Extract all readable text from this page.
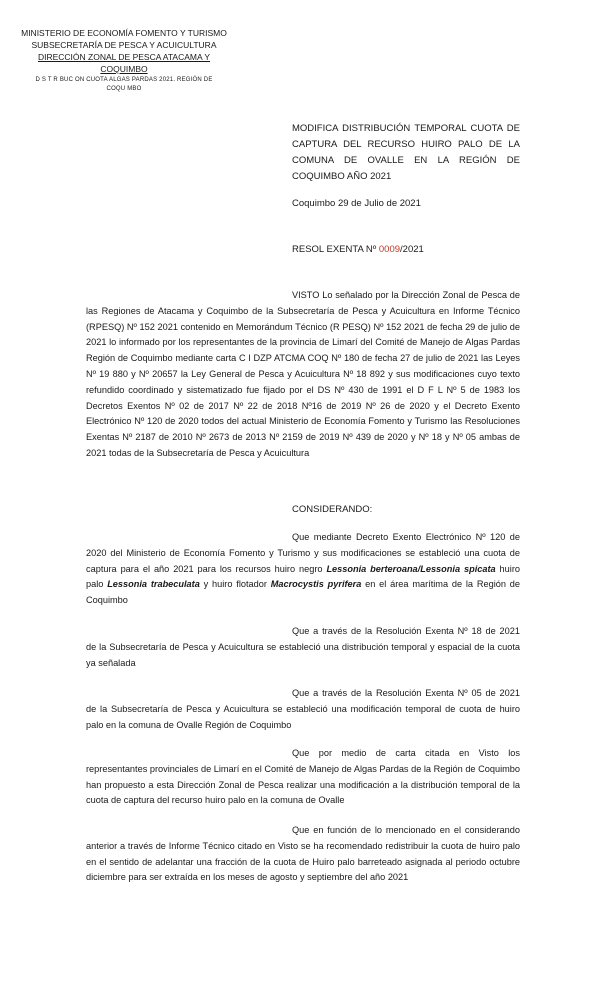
MINISTERIO DE ECONOMÍA FOMENTO Y TURISMO
SUBSECRETARÍA DE PESCA Y ACUICULTURA
DIRECCIÓN ZONAL DE PESCA ATACAMA Y
COQUIMBO
D S T R BUC ON CUOTA ALGAS PARDAS 2021. REGIÓN DE
COQU MBO
MODIFICA DISTRIBUCIÓN TEMPORAL CUOTA DE CAPTURA DEL RECURSO HUIRO PALO DE LA COMUNA DE OVALLE EN LA REGIÓN DE COQUIMBO AÑO 2021
Coquimbo 29 de Julio de 2021
RESOL EXENTA Nº 0009/2021
VISTO Lo señalado por la Dirección Zonal de Pesca de las Regiones de Atacama y Coquimbo de la Subsecretaría de Pesca y Acuicultura en Informe Técnico (RPESQ) Nº 152 2021 contenido en Memorándum Técnico (R PESQ) Nº 152 2021 de fecha 29 de julio de 2021 lo informado por los representantes de la provincia de Limarí del Comité de Manejo de Algas Pardas Región de Coquimbo mediante carta C I DZP ATCMA COQ Nº 180 de fecha 27 de julio de 2021 las Leyes Nº 19 880 y Nº 20657 la Ley General de Pesca y Acuicultura Nº 18 892 y sus modificaciones cuyo texto refundido coordinado y sistematizado fue fijado por el DS Nº 430 de 1991 el D F L Nº 5 de 1983 los Decretos Exentos Nº 02 de 2017 Nº 22 de 2018 Nº16 de 2019 Nº 26 de 2020 y el Decreto Exento Electrónico Nº 120 de 2020 todos del actual Ministerio de Economía Fomento y Turismo las Resoluciones Exentas Nº 2187 de 2010 Nº 2673 de 2013 Nº 2159 de 2019 Nº 439 de 2020 y Nº 18 y Nº 05 ambas de 2021 todas de la Subsecretaría de Pesca y Acuicultura
CONSIDERANDO:
Que mediante Decreto Exento Electrónico Nº 120 de 2020 del Ministerio de Economía Fomento y Turismo y sus modificaciones se estableció una cuota de captura para el año 2021 para los recursos huiro negro Lessonia berteroana/Lessonia spicata huiro palo Lessonia trabeculata y huiro flotador Macrocystis pyrifera en el área marítima de la Región de Coquimbo
Que a través de la Resolución Exenta Nº 18 de 2021 de la Subsecretaría de Pesca y Acuicultura se estableció una distribución temporal y espacial de la cuota ya señalada
Que a través de la Resolución Exenta Nº 05 de 2021 de la Subsecretaría de Pesca y Acuicultura se estableció una modificación temporal de cuota de huiro palo en la comuna de Ovalle Región de Coquimbo
Que por medio de carta citada en Visto los representantes provinciales de Limarí en el Comité de Manejo de Algas Pardas de la Región de Coquimbo han propuesto a esta Dirección Zonal de Pesca realizar una modificación a la distribución temporal de la cuota de captura del recurso huiro palo en la comuna de Ovalle
Que en función de lo mencionado en el considerando anterior a través de Informe Técnico citado en Visto se ha recomendado redistribuir la cuota de huiro palo en el sentido de adelantar una fracción de la cuota de Huiro palo barreteado asignada al periodo octubre diciembre para ser extraída en los meses de agosto y septiembre del año 2021
